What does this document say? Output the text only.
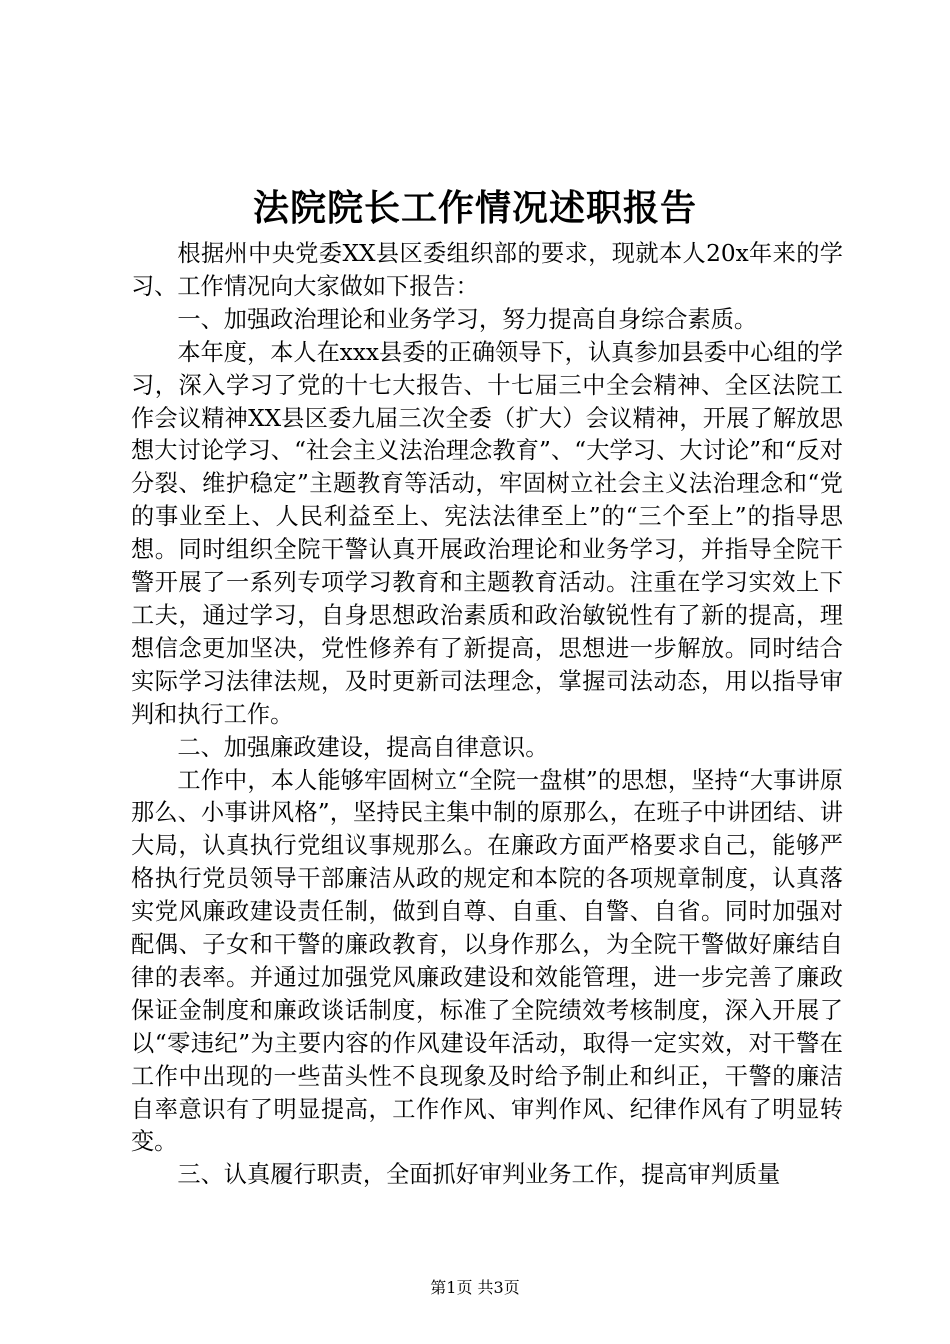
法院院长工作情况述职报告

根据州中央党委XX县区委组织部的要求，现就本人20x年来的学习、工作情况向大家做如下报告：

一、加强政治理论和业务学习，努力提高自身综合素质。

本年度，本人在xxx县委的正确领导下，认真参加县委中心组的学习，深入学习了党的十七大报告、十七届三中全会精神、全区法院工作会议精神XX县区委九届三次全委（扩大）会议精神，开展了解放思想大讨论学习、“社会主义法治理念教育”、“大学习、大讨论”和“反对分裂、维护稳定”主题教育等活动，牢固树立社会主义法治理念和“党的事业至上、人民利益至上、宪法法律至上”的“三个至上”的指导思想。同时组织全院干警认真开展政治理论和业务学习，并指导全院干警开展了一系列专项学习教育和主题教育活动。注重在学习实效上下工夫，通过学习，自身思想政治素质和政治敏锐性有了新的提高，理想信念更加坚决，党性修养有了新提高，思想进一步解放。同时结合实际学习法律法规，及时更新司法理念，掌握司法动态，用以指导审判和执行工作。

二、加强廉政建设，提高自律意识。

工作中，本人能够牢固树立“全院一盘棋”的思想，坚持“大事讲原那么、小事讲风格”，坚持民主集中制的原那么，在班子中讲团结、讲大局，认真执行党组议事规那么。在廉政方面严格要求自己，能够严格执行党员领导干部廉洁从政的规定和本院的各项规章制度，认真落实党风廉政建设责任制，做到自尊、自重、自警、自省。同时加强对配偶、子女和干警的廉政教育，以身作那么，为全院干警做好廉结自律的表率。并通过加强党风廉政建设和效能管理，进一步完善了廉政保证金制度和廉政谈话制度，标准了全院绩效考核制度，深入开展了以“零违纪”为主要内容的作风建设年活动，取得一定实效，对干警在工作中出现的一些苗头性不良现象及时给予制止和纠正，干警的廉洁自率意识有了明显提高，工作作风、审判作风、纪律作风有了明显转变。

三、认真履行职责，全面抓好审判业务工作，提高审判质量

第1页 共3页
